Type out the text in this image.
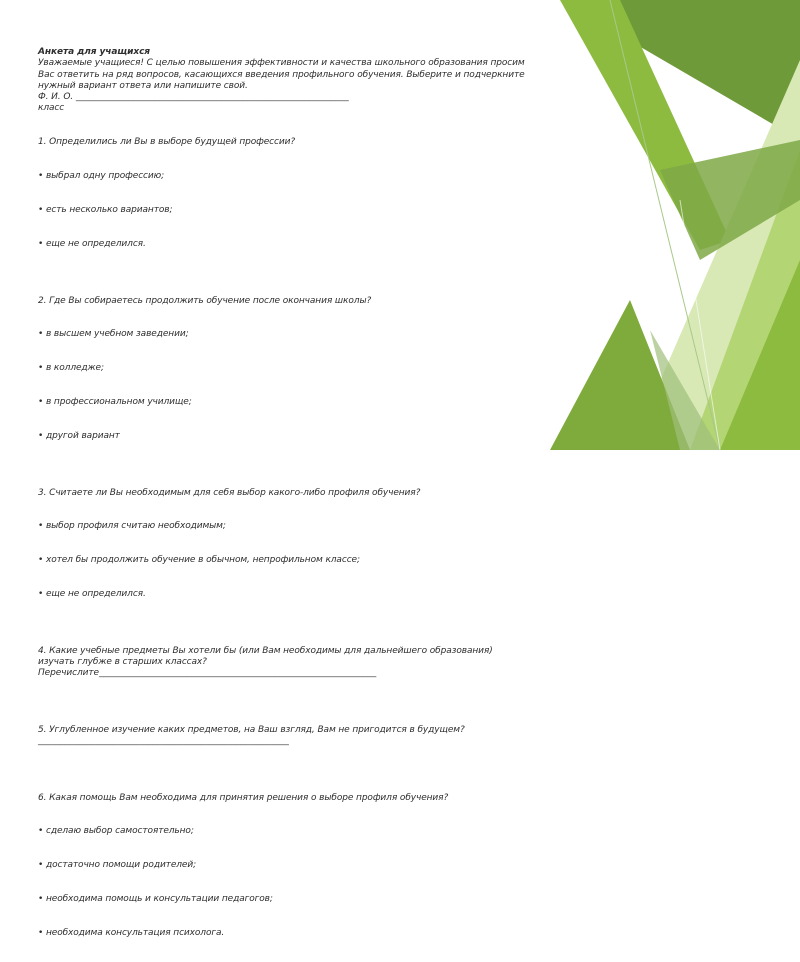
Анкета для учащихся
Уважаемые учащиеся! С целью повышения эффективности и качества школьного образования просим Вас ответить на ряд вопросов, касающихся введения профильного обучения. Выберите и подчеркните нужный вариант ответа или напишите свой.
Ф. И. О. ______________________________________________________________
класс

1. Определились ли Вы в выборе будущей профессии?

• выбрал одну профессию;

• есть несколько вариантов;

• еще не определился.

2. Где Вы собираетесь продолжить обучение после окончания школы?

• в высшем учебном заведении;

• в колледже;

• в профессиональном училище;

• другой вариант

3. Считаете ли Вы необходимым для себя выбор какого-либо профиля обучения?

• выбор профиля считаю необходимым;

• хотел бы продолжить обучение в обычном, непрофильном классе;

• еще не определился.

4. Какие учебные предметы Вы хотели бы (или Вам необходимы для дальнейшего образования) изучать глубже в старших классах? Перечислите_______________________________________________________________

5. Углубленное изучение каких предметов, на Ваш взгляд, Вам не пригодится в будущем?_________________________________________________________

6. Какая помощь Вам необходима для принятия решения о выборе профиля обучения?

• сделаю выбор самостоятельно;

• достаточно помощи родителей;

• необходима помощь и консультации педагогов;

• необходима консультация психолога.
